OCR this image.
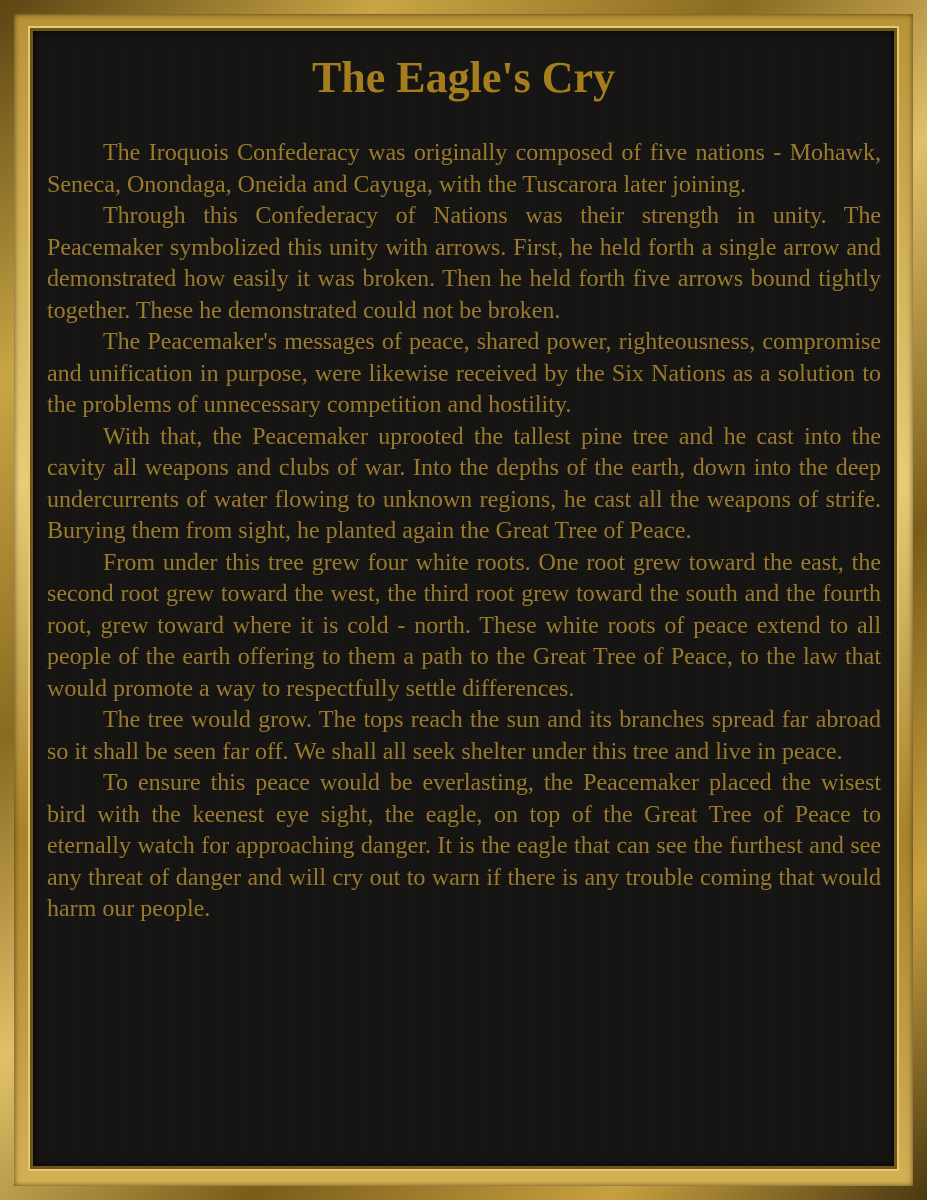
The Eagle's Cry

The Iroquois Confederacy was originally composed of five nations - Mohawk, Seneca, Onondaga, Oneida and Cayuga, with the Tuscarora later joining.

Through this Confederacy of Nations was their strength in unity. The Peacemaker symbolized this unity with arrows. First, he held forth a single arrow and demonstrated how easily it was broken. Then he held forth five arrows bound tightly together. These he demonstrated could not be broken.

The Peacemaker's messages of peace, shared power, righteousness, compromise and unification in purpose, were likewise received by the Six Nations as a solution to the problems of unnecessary competition and hostility.

With that, the Peacemaker uprooted the tallest pine tree and he cast into the cavity all weapons and clubs of war. Into the depths of the earth, down into the deep undercurrents of water flowing to unknown regions, he cast all the weapons of strife. Burying them from sight, he planted again the Great Tree of Peace.

From under this tree grew four white roots. One root grew toward the east, the second root grew toward the west, the third root grew toward the south and the fourth root, grew toward where it is cold - north. These white roots of peace extend to all people of the earth offering to them a path to the Great Tree of Peace, to the law that would promote a way to respectfully settle differences.

The tree would grow. The tops reach the sun and its branches spread far abroad so it shall be seen far off. We shall all seek shelter under this tree and live in peace.

To ensure this peace would be everlasting, the Peacemaker placed the wisest bird with the keenest eye sight, the eagle, on top of the Great Tree of Peace to eternally watch for approaching danger. It is the eagle that can see the furthest and see any threat of danger and will cry out to warn if there is any trouble coming that would harm our people.
